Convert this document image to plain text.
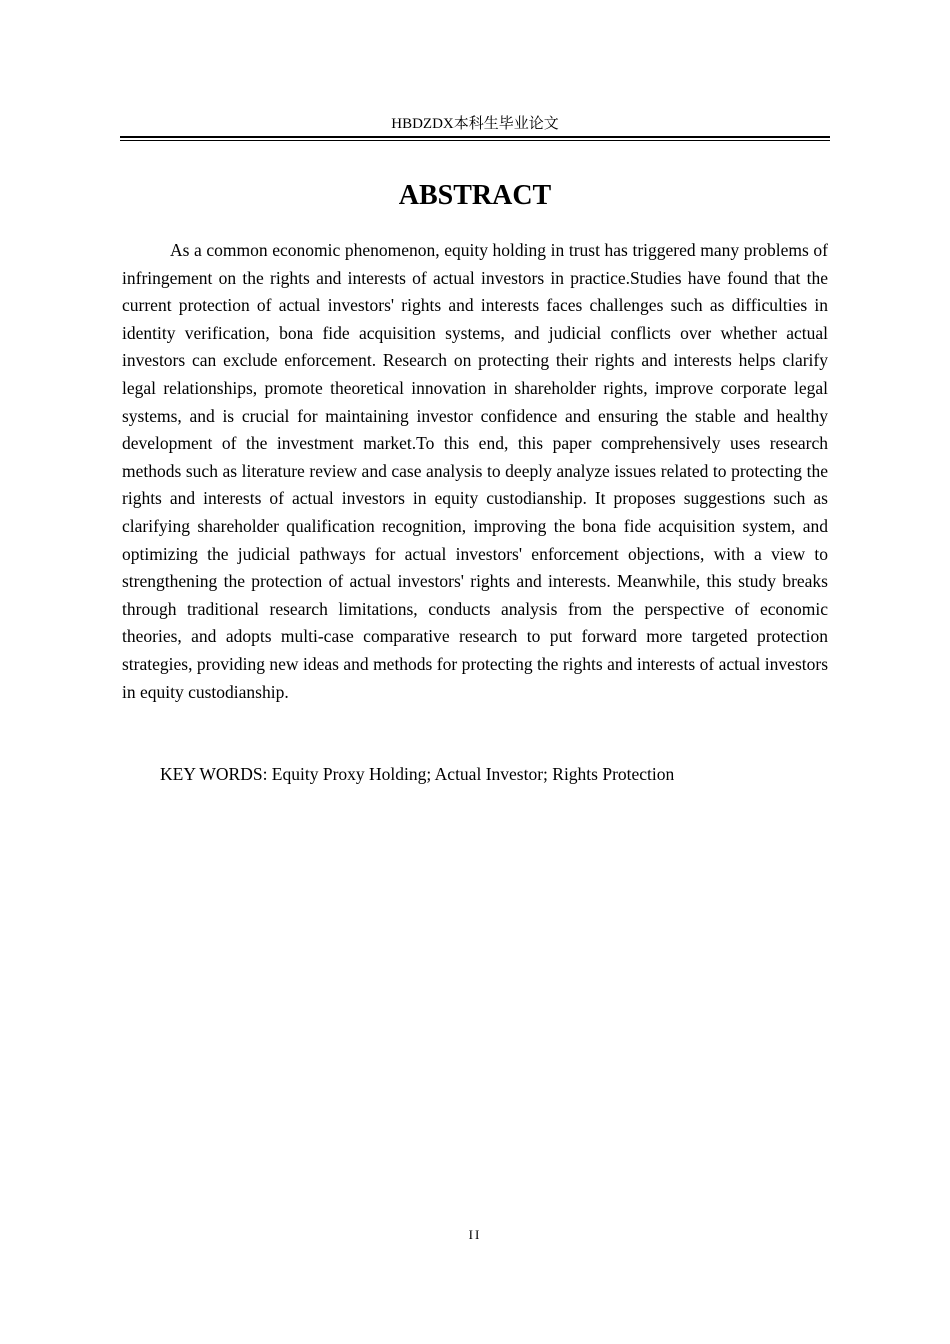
HBDZDX本科生毕业论文
ABSTRACT

As a common economic phenomenon, equity holding in trust has triggered many problems of infringement on the rights and interests of actual investors in practice.Studies have found that the current protection of actual investors' rights and interests faces challenges such as difficulties in identity verification, bona fide acquisition systems, and judicial conflicts over whether actual investors can exclude enforcement. Research on protecting their rights and interests helps clarify legal relationships, promote theoretical innovation in shareholder rights, improve corporate legal systems, and is crucial for maintaining investor confidence and ensuring the stable and healthy development of the investment market.To this end, this paper comprehensively uses research methods such as literature review and case analysis to deeply analyze issues related to protecting the rights and interests of actual investors in equity custodianship. It proposes suggestions such as clarifying shareholder qualification recognition, improving the bona fide acquisition system, and optimizing the judicial pathways for actual investors' enforcement objections, with a view to strengthening the protection of actual investors' rights and interests. Meanwhile, this study breaks through traditional research limitations, conducts analysis from the perspective of economic theories, and adopts multi-case comparative research to put forward more targeted protection strategies, providing new ideas and methods for protecting the rights and interests of actual investors in equity custodianship.

KEY WORDS: Equity Proxy Holding; Actual Investor; Rights Protection
II
